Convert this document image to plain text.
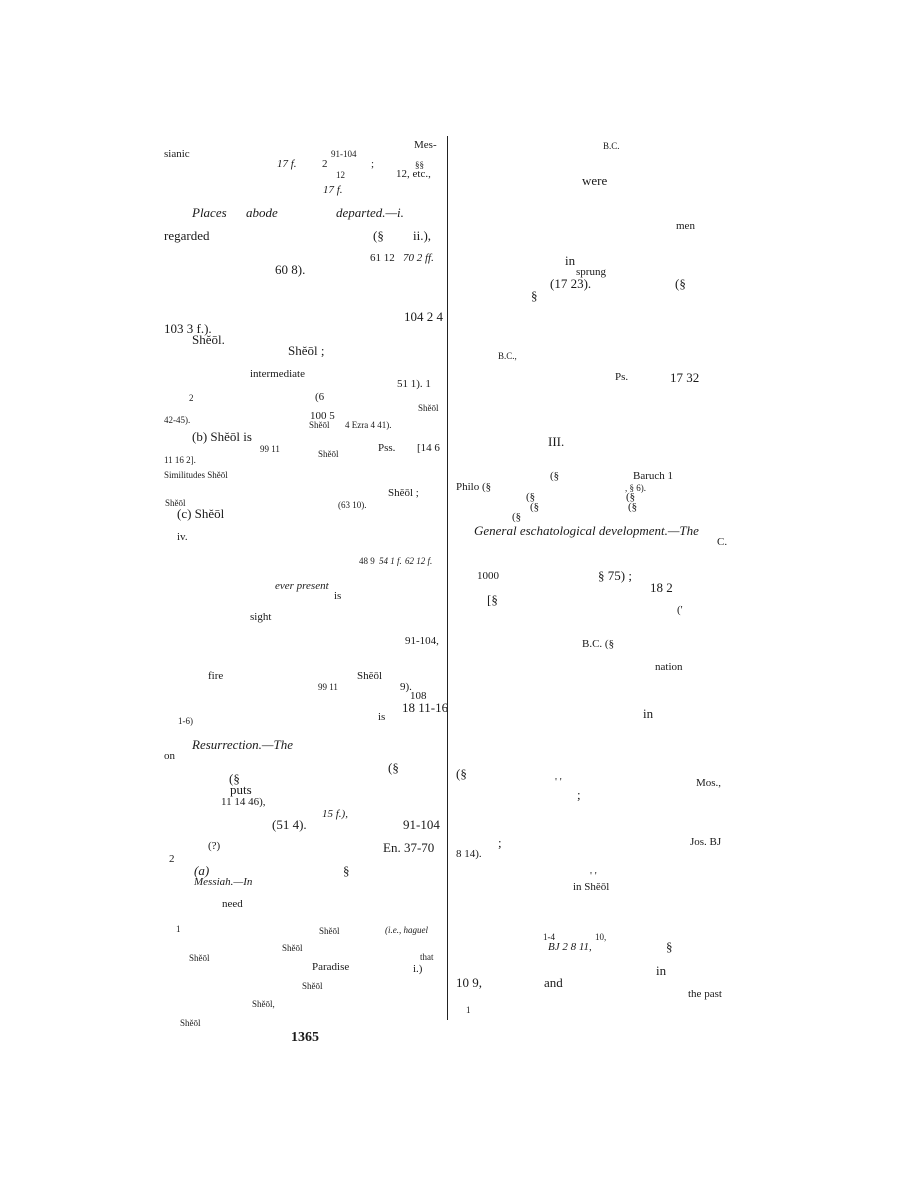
Mes-
sianic	91-104
17 f. 2	;	§§
12	12, etc.,
17 f.
Places abode	departed.—i.
regarded	(§ ii.),
61 12 70 2 ff.
60 8).
104 2 4
103 3 f.).
Shĕōl.
Shĕōl ;
intermediate
51 1). 1
2	(6
Shĕōl
42-45).	100 5
Shĕōl 4 Ezra 4 41).
(b) Shĕōl is
99 11	Shĕōl	Pss. [14 6
11 16 2].
Similitudes Shĕōl
Shĕōl	(63 10).
Shĕōl ;
(c) Shĕōl
iv.
48 9 54 1 f. 62 12 f.
ever present
is
sight
91-104,
fire	Shĕōl
99 11	9).
108
18 11-16
1-6)	is
Resurrection.—The
on
(§
(§
puts
11 14 46),
15 f.),
(51 4).	91-104
2
(?)	En. 37-70
(a)	§
Messiah.—In
need
1	Shĕōl	(i.e., haguel
Shĕōl
that
Shĕōl
Paradise	i.)
Shĕōl
Shĕōl,
Shĕōl
B.C.
were
men
in
sprung
(17 23).	(§
§
B.C.,
Ps.	17 32
III.
Baruch 1
Philo (§
(§
, § 6).
(§	(§
(§	(§
(§
General eschatological development.—The
C.
1000	§ 75) ;
18 2
[§
('
B.C. (§
nation
in
(§
' '	Mos.,
;
;	Jos. BJ
8 14).
' '
in Shĕōl
1-4	10,
BJ 2 8 11,	§
in
10 9,	and
the past
1
1365
